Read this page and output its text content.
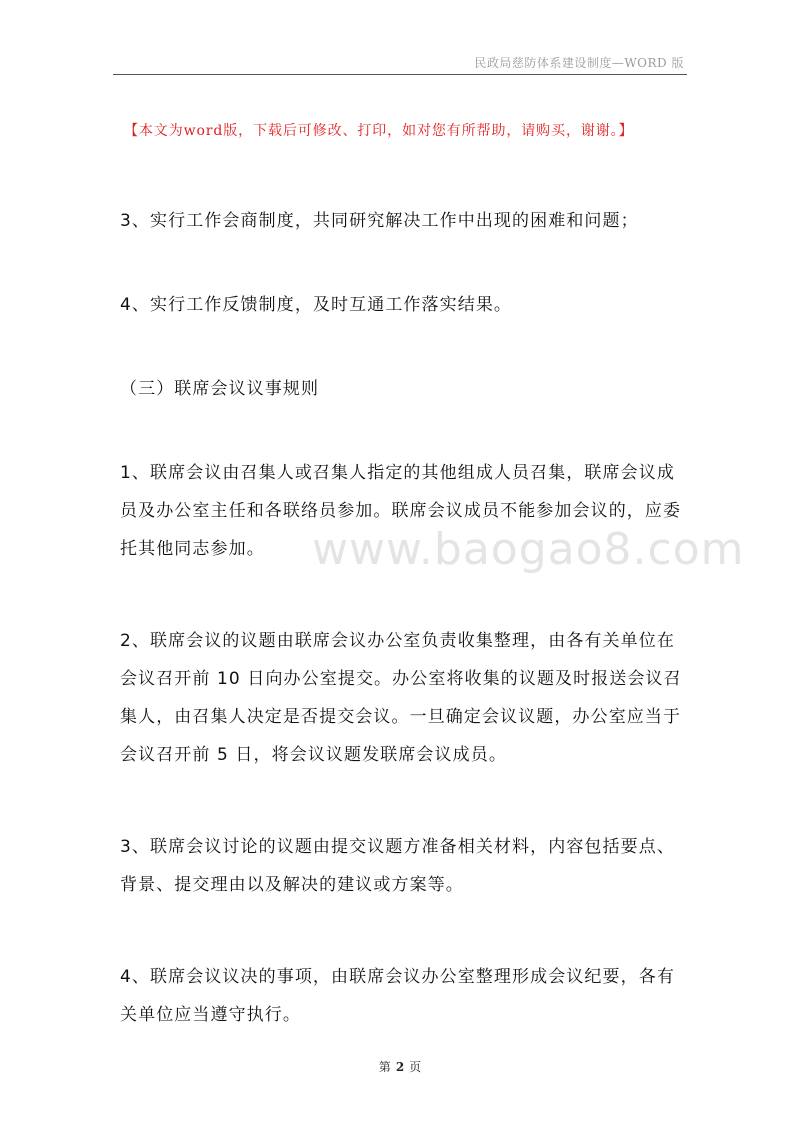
民政局慈防体系建设制度—WORD 版
【本文为word版，下载后可修改、打印，如对您有所帮助，请购买，谢谢。】
www.baogao8.com

3、实行工作会商制度，共同研究解决工作中出现的困难和问题；

4、实行工作反馈制度，及时互通工作落实结果。

（三）联席会议议事规则

1、联席会议由召集人或召集人指定的其他组成人员召集，联席会议成员及办公室主任和各联络员参加。联席会议成员不能参加会议的，应委托其他同志参加。

2、联席会议的议题由联席会议办公室负责收集整理，由各有关单位在会议召开前 10 日向办公室提交。办公室将收集的议题及时报送会议召集人，由召集人决定是否提交会议。一旦确定会议议题，办公室应当于会议召开前 5 日，将会议议题发联席会议成员。

3、联席会议讨论的议题由提交议题方准备相关材料，内容包括要点、背景、提交理由以及解决的建议或方案等。

4、联席会议议决的事项，由联席会议办公室整理形成会议纪要，各有关单位应当遵守执行。

第 2 页
